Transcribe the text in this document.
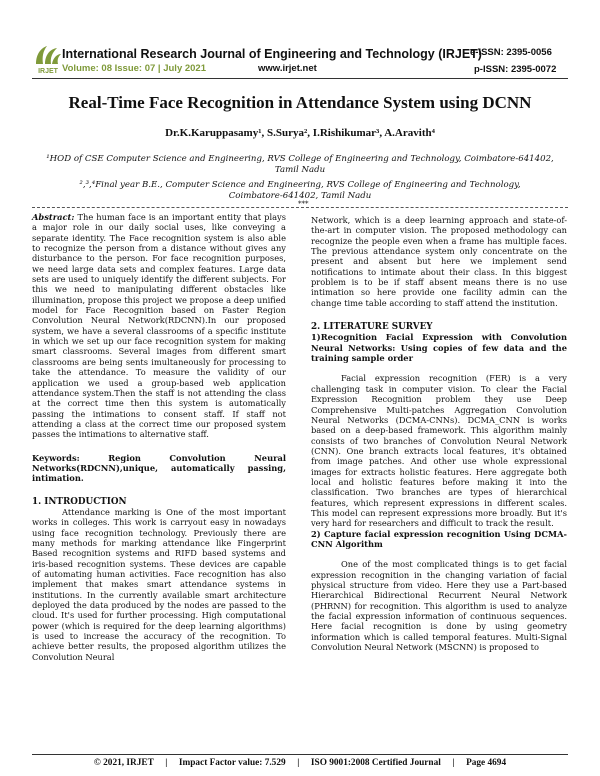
IRJET
International Research Journal of Engineering and Technology (IRJET)
Volume: 08 Issue: 07 | July 2021	www.irjet.net
e-ISSN: 2395-0056
p-ISSN: 2395-0072
Real-Time Face Recognition in Attendance System using DCNN
Dr.K.Karuppasamy¹, S.Surya², I.Rishikumar³, A.Aravith⁴
¹HOD of CSE Computer Science and Engineering, RVS College of Engineering and Technology, Coimbatore-641402,
Tamil Nadu
²,³,⁴Final year B.E., Computer Science and Engineering, RVS College of Engineering and Technology,
Coimbatore-641402, Tamil Nadu
***

Abstract: The human face is an important entity that plays a major role in our daily social uses, like conveying a separate identity. The Face recognition system is also able to recognize the person from a distance without gives any disturbance to the person. For face recognition purposes, we need large data sets and complex features. Large data sets are used to uniquely identify the different subjects. For this we need to manipulating different obstacles like illumination, propose this project we propose a deep unified model for Face Recognition based on Faster Region Convolution Neural Network(RDCNN).In our proposed system, we have a several classrooms of a specific institute in which we set up our face recognition system for making smart classrooms. Several images from different smart classrooms are being sents imultaneously for processing to take the attendance. To measure the validity of our application we used a group-based web application attendance system.Then the staff is not attending the class at the correct time then this system is automatically passing the intimations to consent staff. If staff not attending a class at the correct time our proposed system passes the intimations to alternative staff.

Keywords: Region Convolution Neural Networks(RDCNN),unique, automatically passing, intimation.

1. INTRODUCTION

Attendance marking is One of the most important works in colleges. This work is carryout easy in nowadays using face recognition technology. Previously there are many methods for marking attendance like Fingerprint Based recognition systems and RIFD based systems and iris-based recognition systems. These devices are capable of automating human activities. Face recognition has also implement that makes smart attendance systems in institutions. In the currently available smart architecture deployed the data produced by the nodes are passed to the cloud. It's used for further processing. High computational power (which is required for the deep learning algorithms) is used to increase the accuracy of the recognition. To achieve better results, the proposed algorithm utilizes the Convolution Neural

Network, which is a deep learning approach and state-of-the-art in computer vision. The proposed methodology can recognize the people even when a frame has multiple faces. The previous attendance system only concentrate on the present and absent but here we implement send notifications to intimate about their class. In this biggest problem is to be if staff absent means there is no use intimation so here provide one facility admin can the change time table according to staff attend the institution.

2. LITERATURE SURVEY

1)Recognition Facial Expression with Convolution Neural Networks: Using copies of few data and the training sample order

Facial expression recognition (FER) is a very challenging task in computer vision. To clear the Facial Expression Recognition problem they use Deep Comprehensive Multi-patches Aggregation Convolution Neural Networks (DCMA-CNNs). DCMA_CNN is works based on a deep-based framework. This algorithm mainly consists of two branches of Convolution Neural Network (CNN). One branch extracts local features, it's obtained from image patches. And other use whole expressional images for extracts holistic features. Here aggregate both local and holistic features before making it into the classification. Two branches are types of hierarchical features, which represent expressions in different scales. This model can represent expressions more broadly. But it's very hard for researchers and difficult to track the result.

2) Capture facial expression recognition Using DCMA-CNN Algorithm

One of the most complicated things is to get facial expression recognition in the changing variation of facial physical structure from video. Here they use a Part-based Hierarchical Bidirectional Recurrent Neural Network (PHRNN) for recognition. This algorithm is used to analyze the facial expression information of continuous sequences. Here facial recognition is done by using geometry information which is called temporal features. Multi-Signal Convolution Neural Network (MSCNN) is proposed to

© 2021, IRJET     |     Impact Factor value: 7.529     |     ISO 9001:2008 Certified Journal     |     Page 4694
